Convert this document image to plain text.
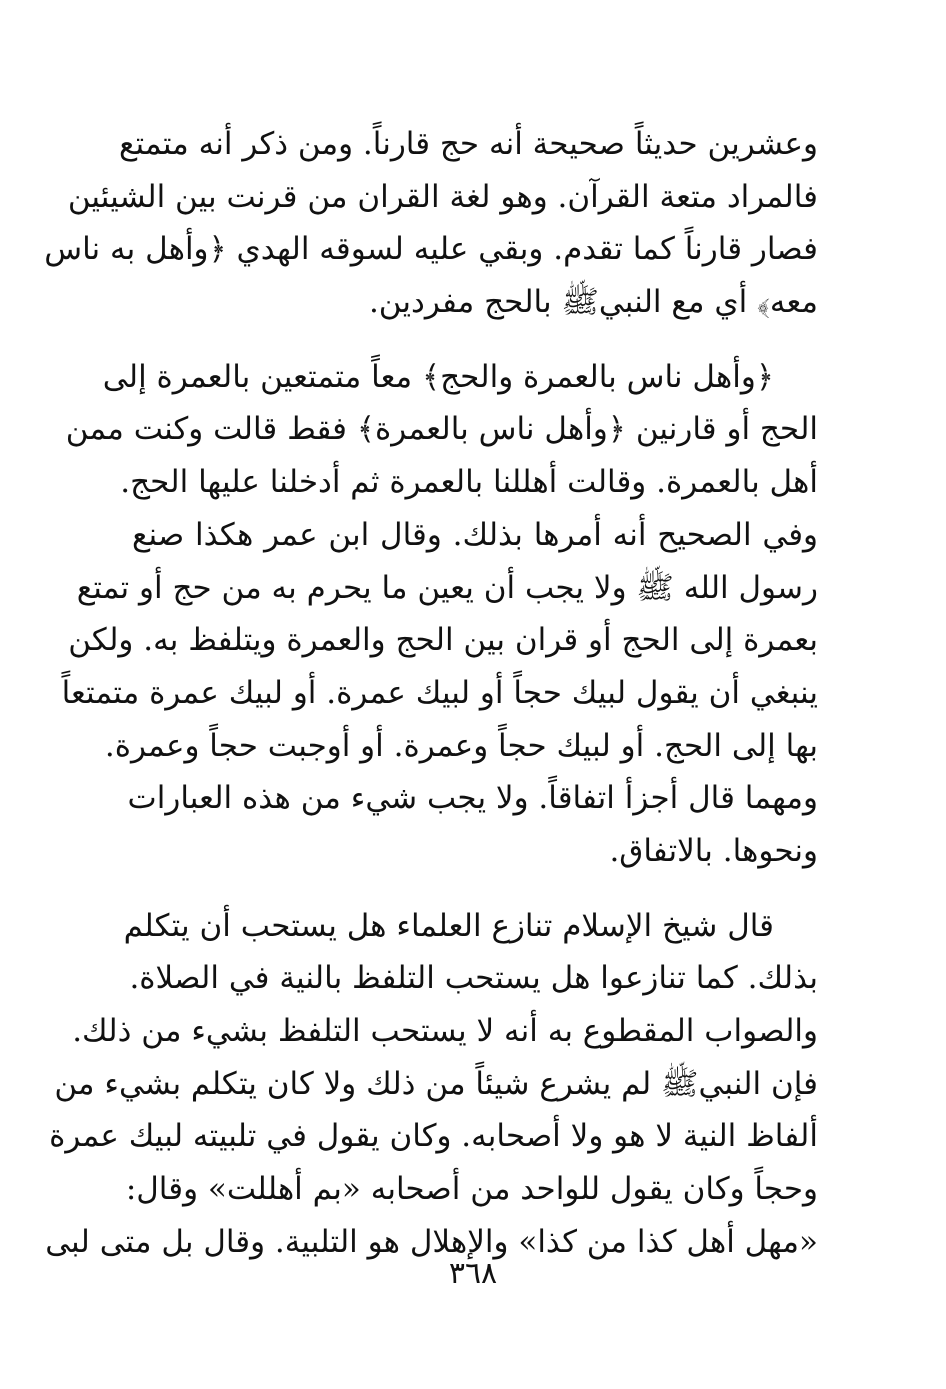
وعشرين حديثاً صحيحة أنه حج قارناً. ومن ذكر أنه متمتع
فالمراد متعة القرآن. وهو لغة القران من قرنت بين الشيئين
فصار قارناً كما تقدم. وبقي عليه لسوقه الهدي ﴿وأهل به ناس
معه﴾ أي مع النبيﷺ بالحج مفردين.
﴿وأهل ناس بالعمرة والحج﴾ معاً متمتعين بالعمرة إلى
الحج أو قارنين ﴿وأهل ناس بالعمرة﴾ فقط قالت وكنت ممن
أهل بالعمرة. وقالت أهللنا بالعمرة ثم أدخلنا عليها الحج.
وفي الصحيح أنه أمرها بذلك. وقال ابن عمر هكذا صنع
رسول الله ﷺ ولا يجب أن يعين ما يحرم به من حج أو تمتع
بعمرة إلى الحج أو قران بين الحج والعمرة ويتلفظ به. ولكن
ينبغي أن يقول لبيك حجاً أو لبيك عمرة. أو لبيك عمرة متمتعاً
بها إلى الحج. أو لبيك حجاً وعمرة. أو أوجبت حجاً وعمرة.
ومهما قال أجزأ اتفاقاً. ولا يجب شيء من هذه العبارات
ونحوها. بالاتفاق.
قال شيخ الإسلام تنازع العلماء هل يستحب أن يتكلم
بذلك. كما تنازعوا هل يستحب التلفظ بالنية في الصلاة.
والصواب المقطوع به أنه لا يستحب التلفظ بشيء من ذلك.
فإن النبيﷺ لم يشرع شيئاً من ذلك ولا كان يتكلم بشيء من
ألفاظ النية لا هو ولا أصحابه. وكان يقول في تلبيته لبيك عمرة
وحجاً وكان يقول للواحد من أصحابه «بم أهللت» وقال:
«مهل أهل كذا من كذا» والإهلال هو التلبية. وقال بل متى لبى
٣٦٨
